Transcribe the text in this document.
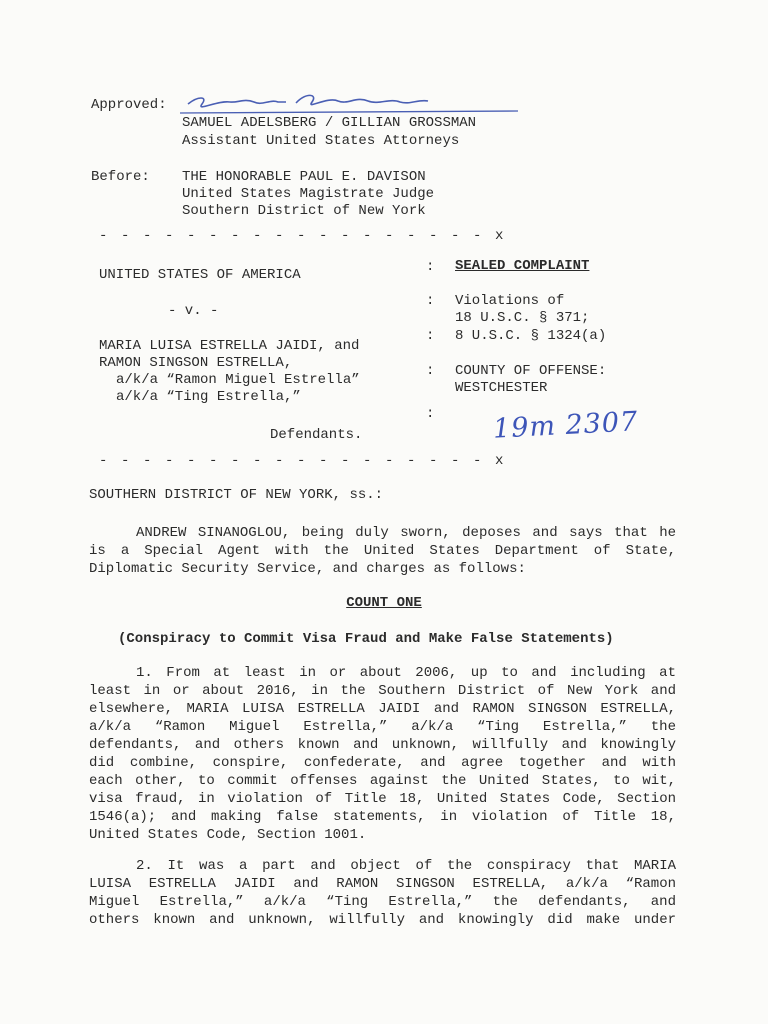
Approved:
SAMUEL ADELSBERG / GILLIAN GROSSMAN
Assistant United States Attorneys
Before: THE HONORABLE PAUL E. DAVISON
United States Magistrate Judge
Southern District of New York
- - - - - - - - - - - - - - - - - - x
UNITED STATES OF AMERICA
- v. -
MARIA LUISA ESTRELLA JAIDI, and
RAMON SINGSON ESTRELLA,
a/k/a “Ramon Miguel Estrella”
a/k/a “Ting Estrella,”
Defendants.
:
:
:
:
:
SEALED COMPLAINT
Violations of
18 U.S.C. § 371;
8 U.S.C. § 1324(a)
COUNTY OF OFFENSE:
WESTCHESTER
19m 2307
- - - - - - - - - - - - - - - - - - x
SOUTHERN DISTRICT OF NEW YORK, ss.:
ANDREW SINANOGLOU, being duly sworn, deposes and says that he
is a Special Agent with the United States Department of State,
Diplomatic Security Service, and charges as follows:
COUNT ONE
(Conspiracy to Commit Visa Fraud and Make False Statements)
1. From at least in or about 2006, up to and including at
least in or about 2016, in the Southern District of New York and
elsewhere, MARIA LUISA ESTRELLA JAIDI and RAMON SINGSON ESTRELLA,
a/k/a “Ramon Miguel Estrella,” a/k/a “Ting Estrella,” the
defendants, and others known and unknown, willfully and knowingly
did combine, conspire, confederate, and agree together and with
each other, to commit offenses against the United States, to wit,
visa fraud, in violation of Title 18, United States Code, Section
1546(a); and making false statements, in violation of Title 18,
United States Code, Section 1001.
2. It was a part and object of the conspiracy that MARIA
LUISA ESTRELLA JAIDI and RAMON SINGSON ESTRELLA, a/k/a “Ramon
Miguel Estrella,” a/k/a “Ting Estrella,” the defendants, and
others known and unknown, willfully and knowingly did make under
